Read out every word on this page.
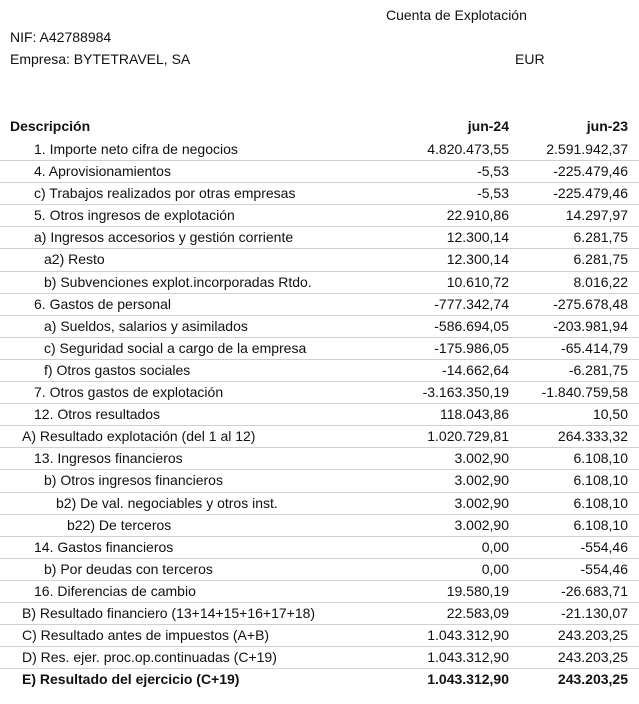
Cuenta de Explotación
NIF: A42788984
Empresa: BYTETRAVEL, SA	EUR
Descripción	jun-24	jun-23
1. Importe neto cifra de negocios	4.820.473,55	2.591.942,37
4. Aprovisionamientos	-5,53	-225.479,46
c) Trabajos realizados por otras empresas	-5,53	-225.479,46
5. Otros ingresos de explotación	22.910,86	14.297,97
a) Ingresos accesorios y gestión corriente	12.300,14	6.281,75
a2) Resto	12.300,14	6.281,75
b) Subvenciones explot.incorporadas Rtdo.	10.610,72	8.016,22
6. Gastos de personal	-777.342,74	-275.678,48
a) Sueldos, salarios y asimilados	-586.694,05	-203.981,94
c) Seguridad social a cargo de la empresa	-175.986,05	-65.414,79
f) Otros gastos sociales	-14.662,64	-6.281,75
7. Otros gastos de explotación	-3.163.350,19 -1.840.759,58
12. Otros resultados	118.043,86	10,50
A) Resultado explotación (del 1 al 12)	1.020.729,81	264.333,32
13. Ingresos financieros	3.002,90	6.108,10
b) Otros ingresos financieros	3.002,90	6.108,10
b2) De val. negociables y otros inst.	3.002,90	6.108,10
b22) De terceros	3.002,90	6.108,10
14. Gastos financieros	0,00	-554,46
b) Por deudas con terceros	0,00	-554,46
16. Diferencias de cambio	19.580,19	-26.683,71
B) Resultado financiero (13+14+15+16+17+18)	22.583,09	-21.130,07
C) Resultado antes de impuestos (A+B)	1.043.312,90	243.203,25
D) Res. ejer. proc.op.continuadas (C+19)	1.043.312,90	243.203,25
E) Resultado del ejercicio (C+19)	1.043.312,90	243.203,25
